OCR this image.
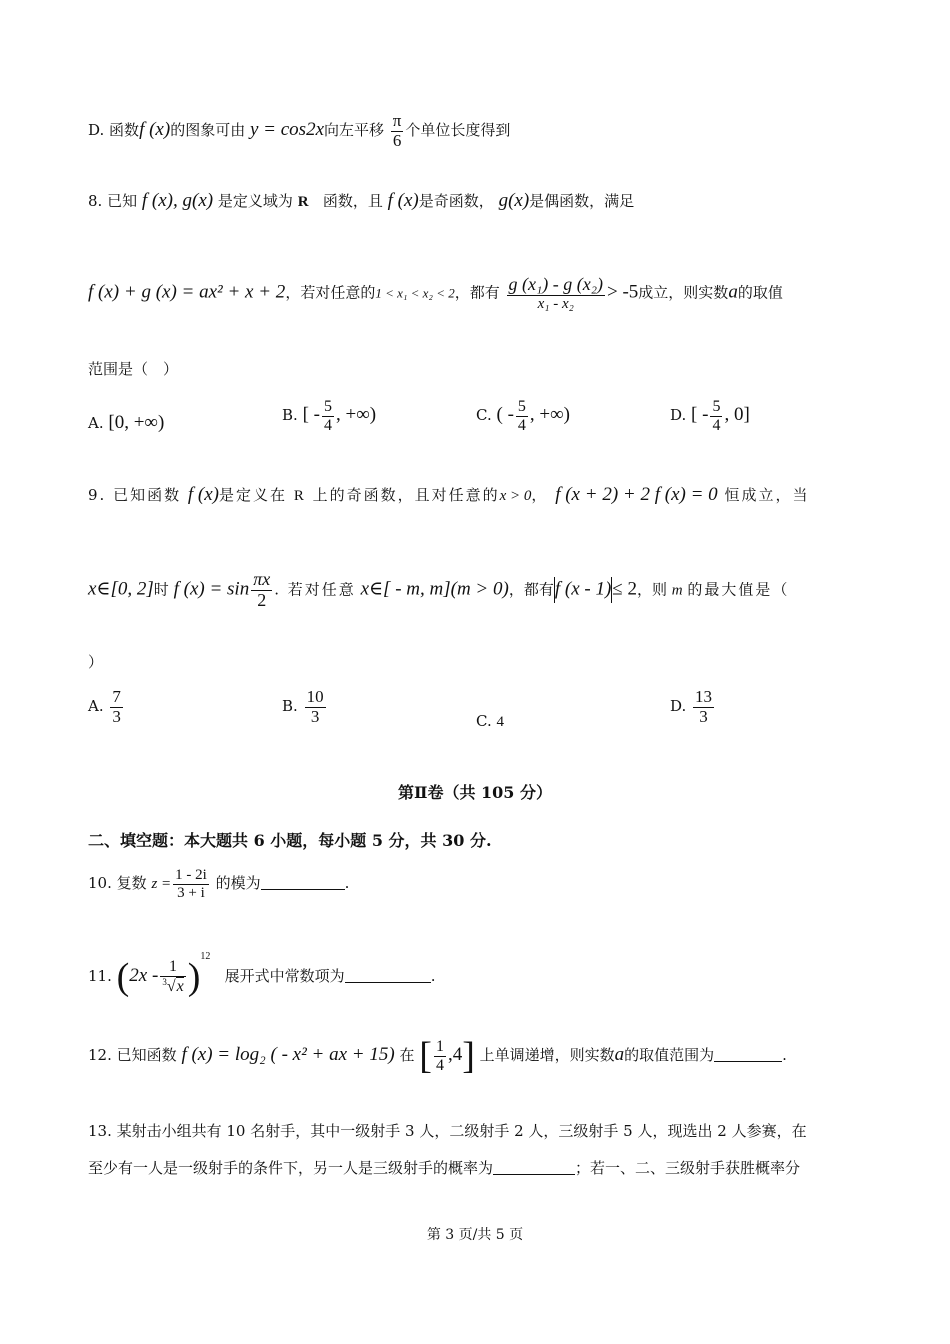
D. 函数f (x)的图象可由 y = cos2x向左平移 $\frac{\pi}{6}$ 个单位长度得到
8. 已知 f (x), g(x) 是定义域为 R 函数，且 f (x)是奇函数， g(x)是偶函数，满足
f (x) + g (x) = ax² + x + 2，若对任意的1 < x₁ < x₂ < 2，都有 $\frac{\text{g (x₁) - g (x₂)}}{\text{x₁ - x₂}} > -5$成立，则实数a的取值
范围是（　）
A. [0, +∞)	B. [ - $\frac{5}{4}$ , +∞)	C. ( - $\frac{5}{4}$ , +∞)	D. [ - $\frac{5}{4}$ , 0]
9. 已知函数 f (x)是定义在 R 上的奇函数，且对任意的x > 0， f (x + 2) + 2 f (x) = 0 恒成立，当
x∈[0, 2]时 f $(x) = \sin \frac{\pi x}{2}$ . 若对任意 x∈[ - m, m](m > 0)，都有f (x - 1)≤ 2，则 m 的最大值是（
）
A. $\frac{7}{3}$	B. $\frac{10}{3}$	C. 4
D. $\frac{13}{3}$
第Ⅱ卷（共 105 分）
二、填空题：本大题共 6 小题，每小题 5 分，共 30 分.
10. 复数 $z = \frac{1 - 2i}{3 + i}$ 的模为	.
11. $(2x - \frac{1}{^3√x} )^{12}$   展开式中常数项为	.
12. 已知函数 f (x) = log₂ ( - x² + ax + 15) 在 [ $\frac{1}{4} ,4$] 上单调递增，则实数a的取值范围为	.
13. 某射击小组共有 10 名射手，其中一级射手 3 人，二级射手 2 人，三级射手 5 人，现选出 2 人参赛，在
至少有一人是一级射手的条件下，另一人是三级射手的概率为	；若一、二、三级射手获胜概率分
第 3 页/共 5 页
